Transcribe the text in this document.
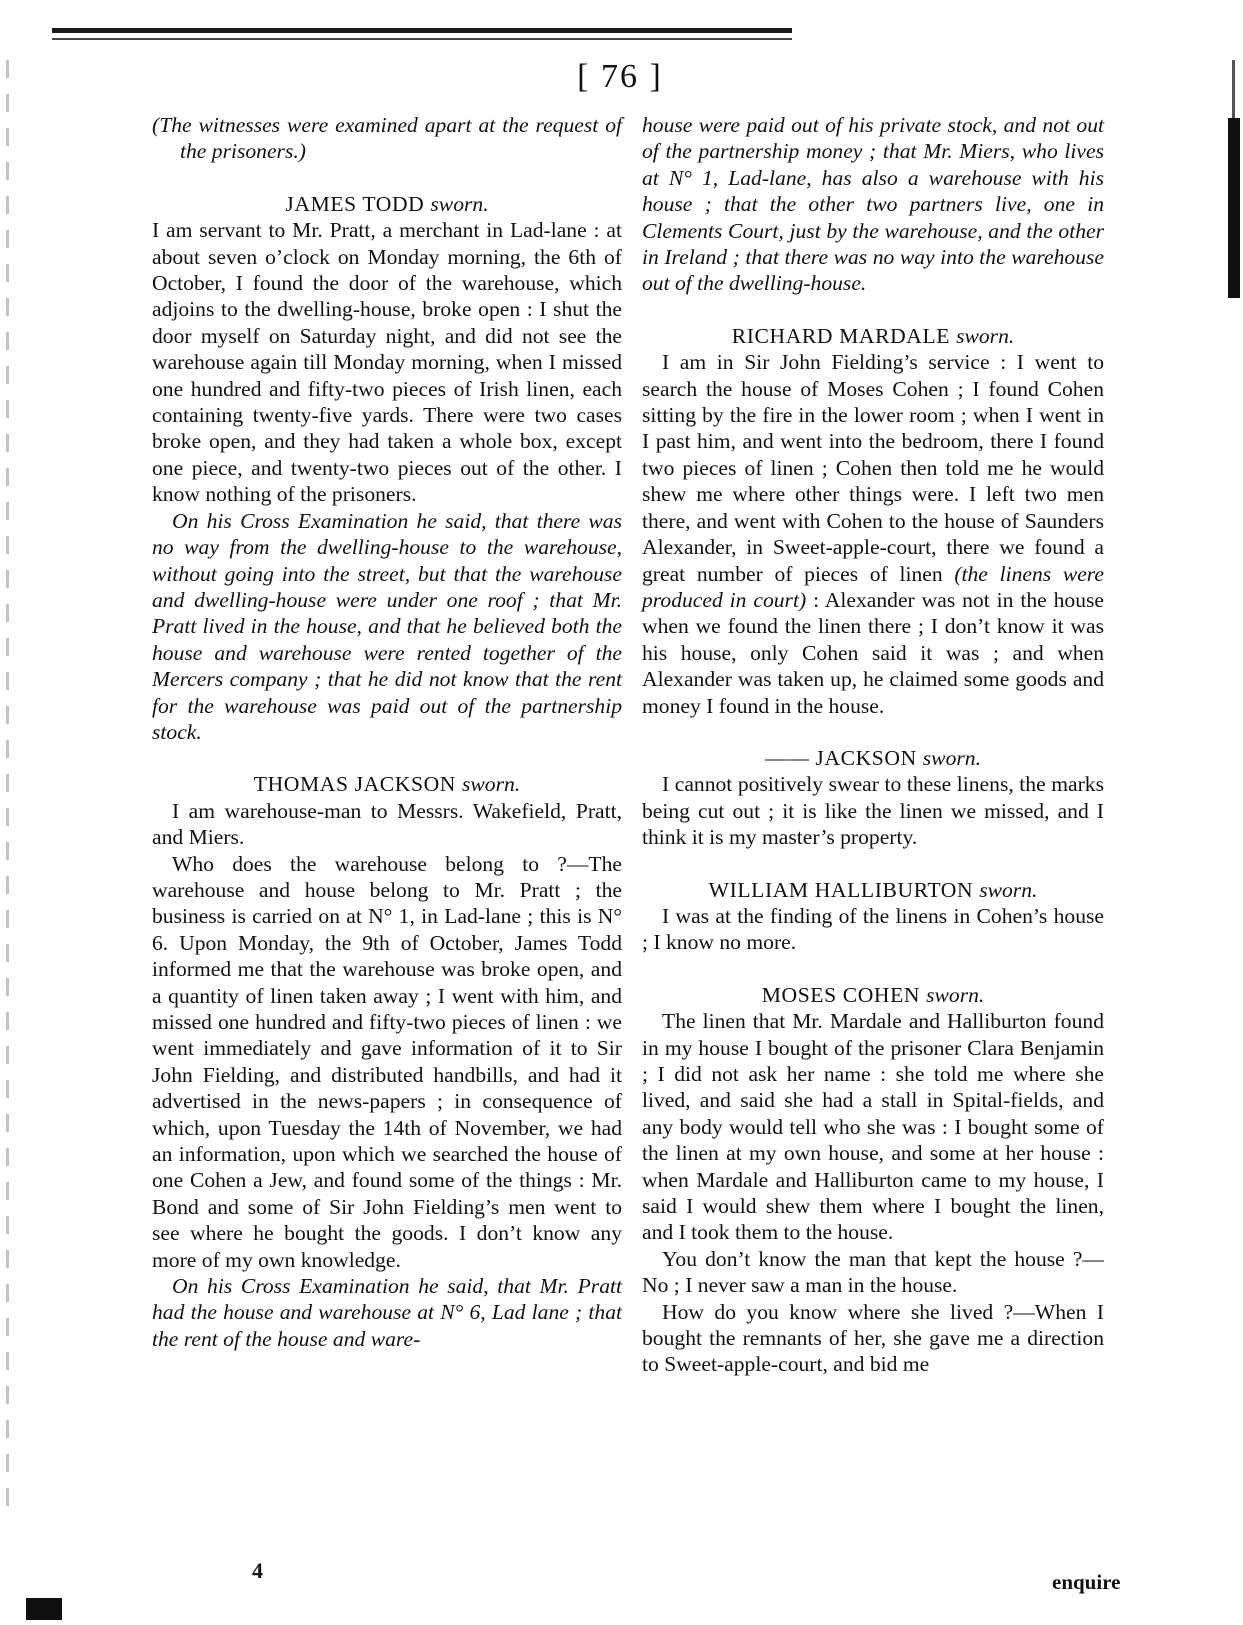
[ 76 ]

(The witnesses were examined apart at the request of the prisoners.)

JAMES TODD sworn.

I am servant to Mr. Pratt, a merchant in Lad-lane : at about seven o’clock on Monday morning, the 6th of October, I found the door of the warehouse, which adjoins to the dwelling-house, broke open : I shut the door myself on Saturday night, and did not see the warehouse again till Monday morning, when I missed one hundred and fifty-two pieces of Irish linen, each containing twenty-five yards. There were two cases broke open, and they had taken a whole box, except one piece, and twenty-two pieces out of the other. I know nothing of the prisoners.

On his Cross Examination he said, that there was no way from the dwelling-house to the warehouse, without going into the street, but that the warehouse and dwelling-house were under one roof ; that Mr. Pratt lived in the house, and that he believed both the house and warehouse were rented together of the Mercers company ; that he did not know that the rent for the warehouse was paid out of the partnership stock.

THOMAS JACKSON sworn.

I am warehouse-man to Messrs. Wakefield, Pratt, and Miers.

Who does the warehouse belong to ?—The warehouse and house belong to Mr. Pratt ; the business is carried on at N° 1, in Lad-lane ; this is N° 6. Upon Monday, the 9th of October, James Todd informed me that the warehouse was broke open, and a quantity of linen taken away ; I went with him, and missed one hundred and fifty-two pieces of linen : we went immediately and gave information of it to Sir John Fielding, and distributed handbills, and had it advertised in the news-papers ; in consequence of which, upon Tuesday the 14th of November, we had an information, upon which we searched the house of one Cohen a Jew, and found some of the things : Mr. Bond and some of Sir John Fielding’s men went to see where he bought the goods. I don’t know any more of my own knowledge.

On his Cross Examination he said, that Mr. Pratt had the house and warehouse at N° 6, Lad lane ; that the rent of the house and ware-

house were paid out of his private stock, and not out of the partnership money ; that Mr. Miers, who lives at N° 1, Lad-lane, has also a warehouse with his house ; that the other two partners live, one in Clements Court, just by the warehouse, and the other in Ireland ; that there was no way into the warehouse out of the dwelling-house.

RICHARD MARDALE sworn.

I am in Sir John Fielding’s service : I went to search the house of Moses Cohen ; I found Cohen sitting by the fire in the lower room ; when I went in I past him, and went into the bedroom, there I found two pieces of linen ; Cohen then told me he would shew me where other things were. I left two men there, and went with Cohen to the house of Saunders Alexander, in Sweet-apple-court, there we found a great number of pieces of linen (the linens were produced in court) : Alexander was not in the house when we found the linen there ; I don’t know it was his house, only Cohen said it was ; and when Alexander was taken up, he claimed some goods and money I found in the house.

—— JACKSON sworn.

I cannot positively swear to these linens, the marks being cut out ; it is like the linen we missed, and I think it is my master’s property.

WILLIAM HALLIBURTON sworn.

I was at the finding of the linens in Cohen’s house ; I know no more.

MOSES COHEN sworn.

The linen that Mr. Mardale and Halliburton found in my house I bought of the prisoner Clara Benjamin ; I did not ask her name : she told me where she lived, and said she had a stall in Spital-fields, and any body would tell who she was : I bought some of the linen at my own house, and some at her house : when Mardale and Halliburton came to my house, I said I would shew them where I bought the linen, and I took them to the house.

You don’t know the man that kept the house ?—No ; I never saw a man in the house.

How do you know where she lived ?—When I bought the remnants of her, she gave me a direction to Sweet-apple-court, and bid me

4	enquire
